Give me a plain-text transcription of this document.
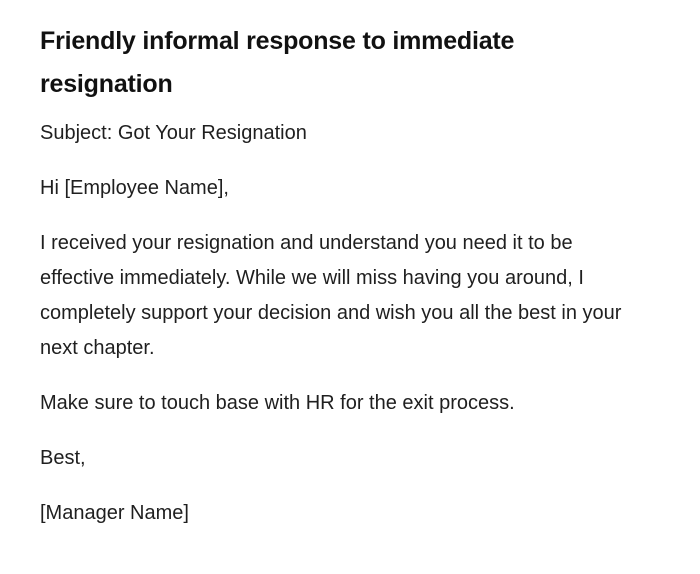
Friendly informal response to immediate resignation

Subject: Got Your Resignation

Hi [Employee Name],

I received your resignation and understand you need it to be effective immediately. While we will miss having you around, I completely support your decision and wish you all the best in your next chapter.

Make sure to touch base with HR for the exit process.

Best,

[Manager Name]
